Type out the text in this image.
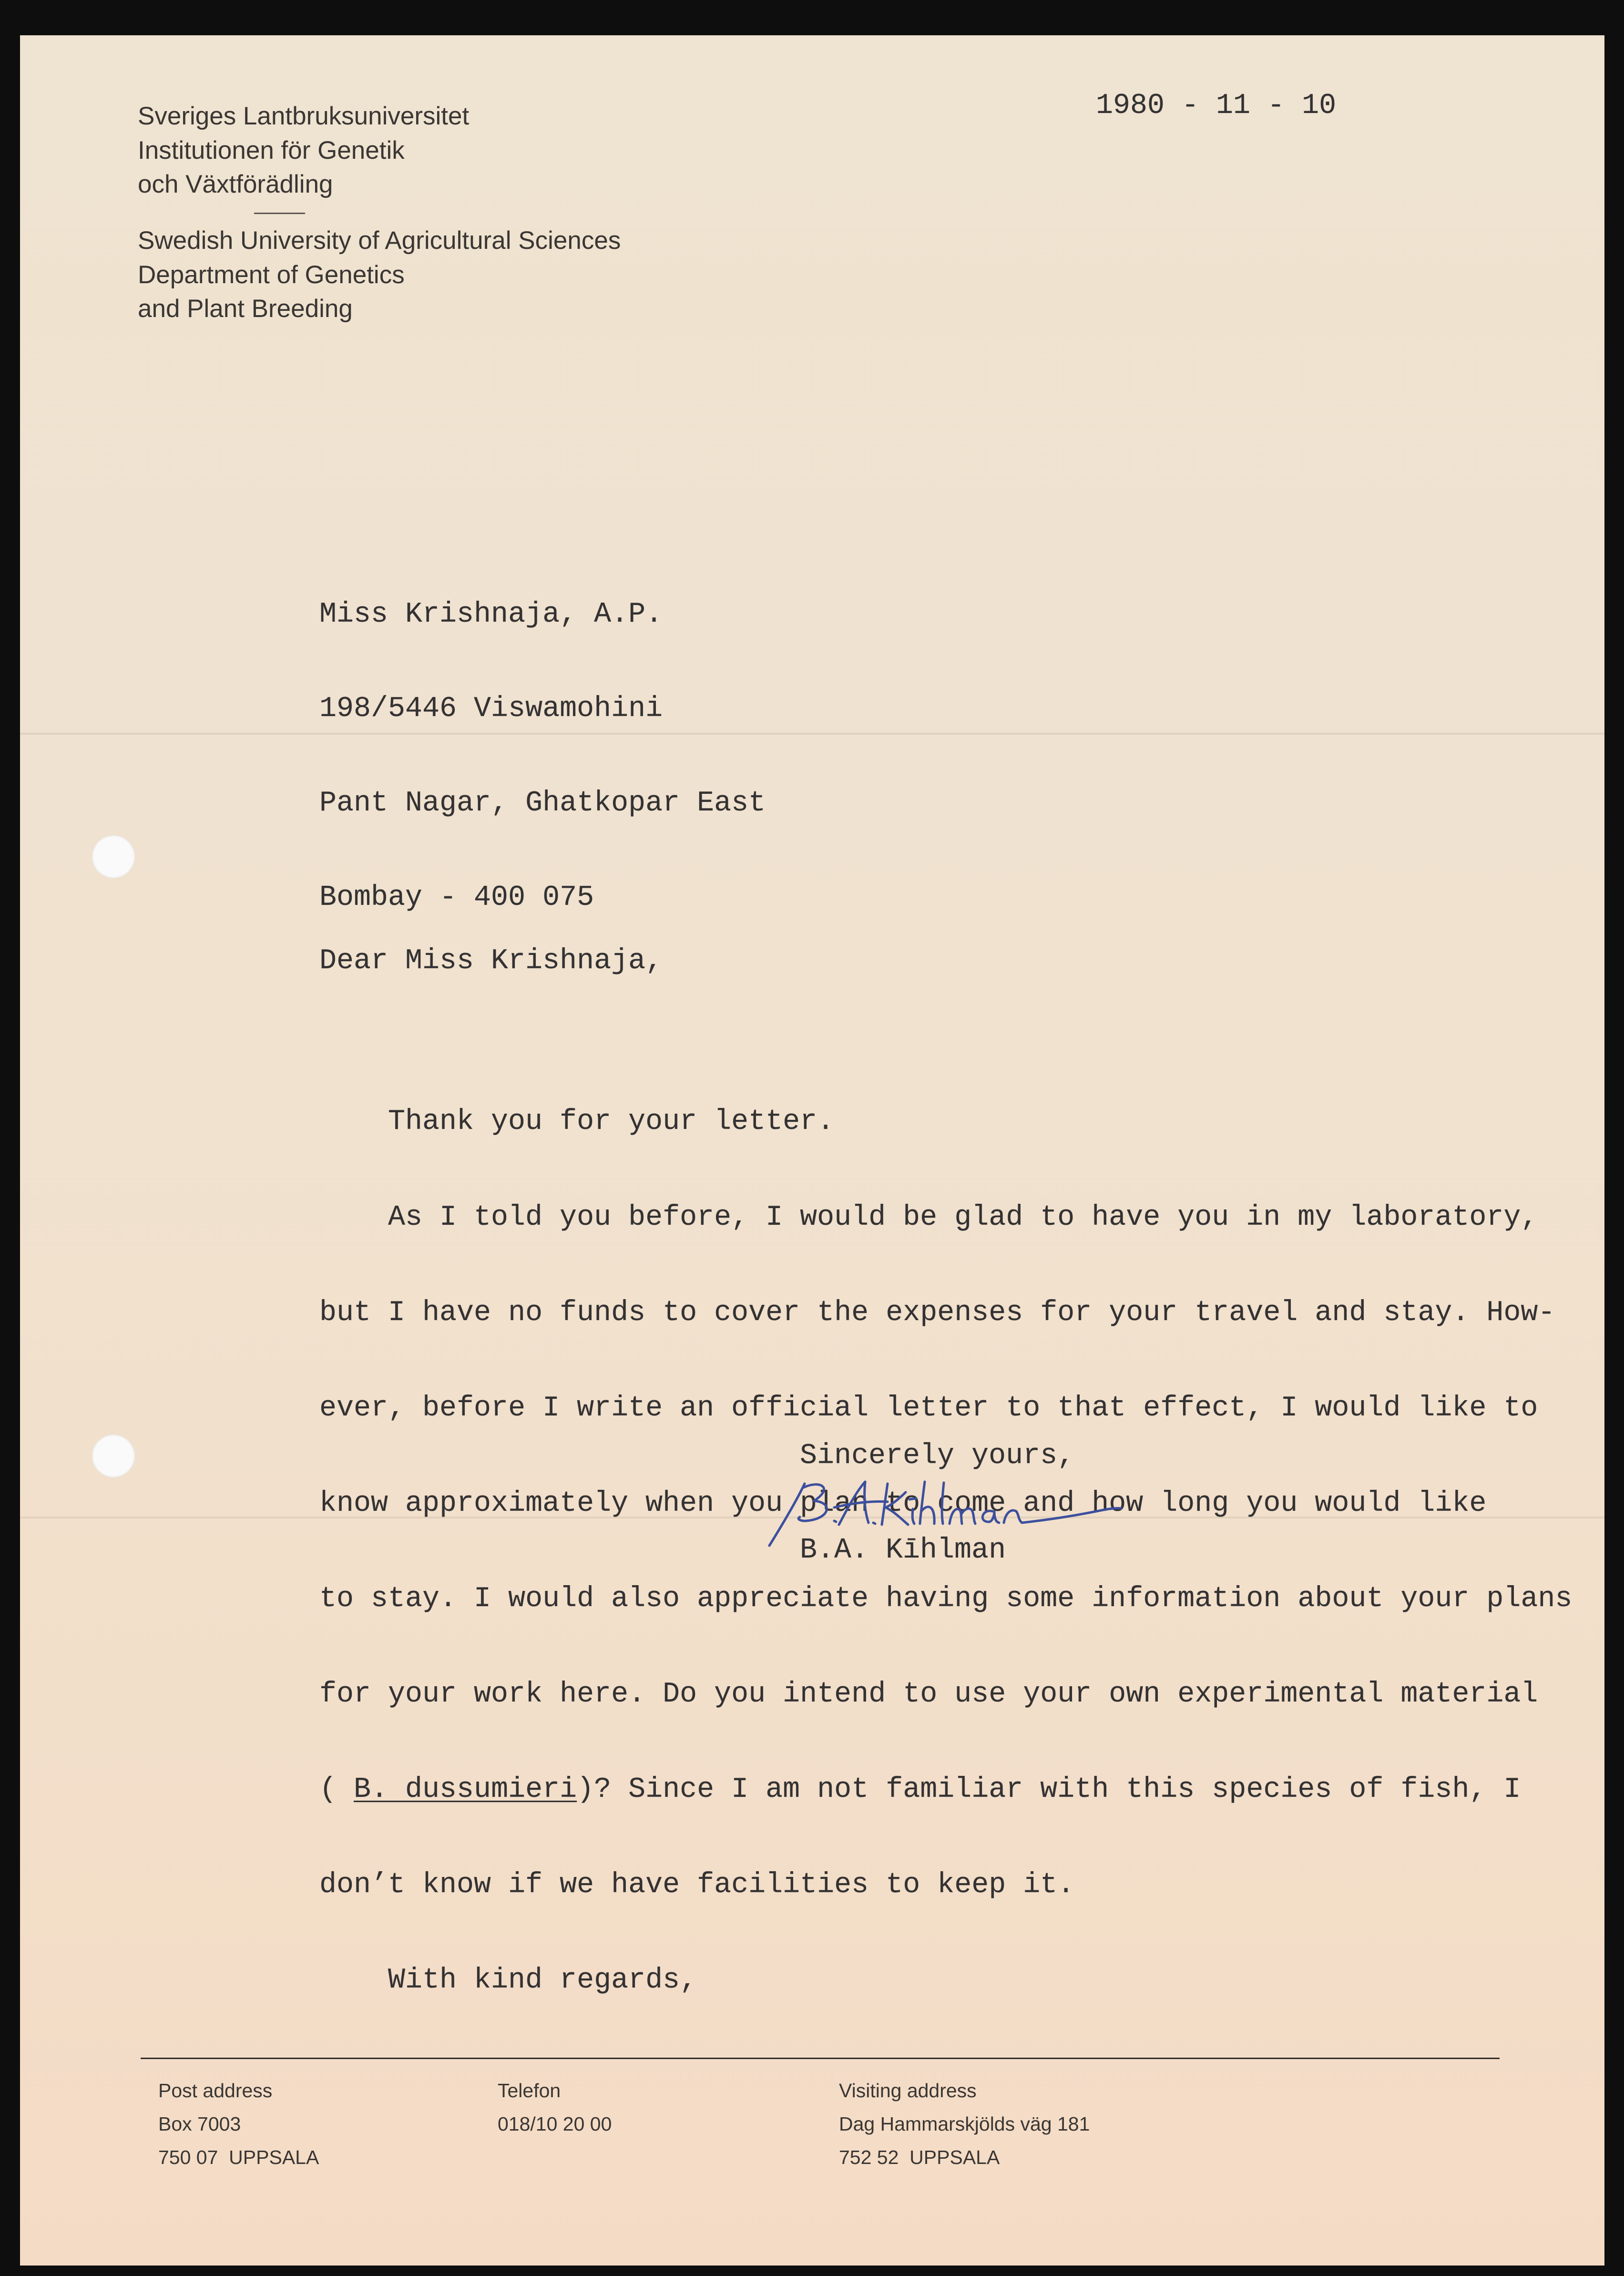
Sveriges Lantbruksuniversitet
Institutionen för Genetik
och Växtförädling
Swedish University of Agricultural Sciences
Department of Genetics
and Plant Breeding
1980 - 11 - 10

Miss Krishnaja, A.P.

198/5446 Viswamohini

Pant Nagar, Ghatkopar East

Bombay - 400 075

Dear Miss Krishnaja,

Thank you for your letter.

As I told you before, I would be glad to have you in my laboratory,

but I have no funds to cover the expenses for your travel and stay. How-

ever, before I write an official letter to that effect, I would like to

know approximately when you plan to come and how long you would like

to stay. I would also appreciate having some information about your plans

for your work here. Do you intend to use your own experimental material

( B. dussumieri)? Since I am not familiar with this species of fish, I

don’t know if we have facilities to keep it.

With kind regards,

Sincerely yours,
B.A. Kīhlman
Post address
Box 7003
750 07  UPPSALA
Telefon
018/10 20 00
Visiting address
Dag Hammarskjölds väg 181
752 52  UPPSALA
